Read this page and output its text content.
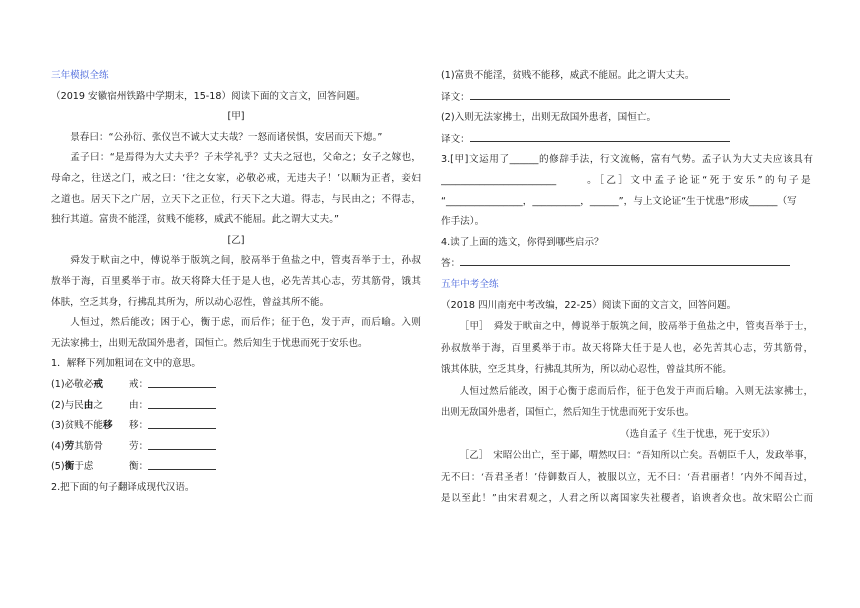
三年模拟全练
（2019 安徽宿州铁路中学期末，15-18）阅读下面的文言文，回答问题。
[甲]
景春曰：“公孙衍、张仪岂不诚大丈夫哉？一怒而诸侯惧，安居而天下熄。”
孟子曰：“是焉得为大丈夫乎？子未学礼乎？丈夫之冠也，父命之；女子之嫁也，
母命之，往送之门，戒之曰：‘往之女家，必敬必戒，无违夫子！’以顺为正者，妾妇
之道也。居天下之广居，立天下之正位，行天下之大道。得志，与民由之；不得志，
独行其道。富贵不能淫，贫贱不能移，威武不能屈。此之谓大丈夫。”
[乙]
舜发于畎亩之中，傅说举于版筑之间，胶鬲举于鱼盐之中，管夷吾举于士，孙叔
敖举于海，百里奚举于市。故天将降大任于是人也，必先苦其心志，劳其筋骨，饿其
体肤，空乏其身，行拂乱其所为，所以动心忍性，曾益其所不能。
人恒过，然后能改；困于心，衡于虑，而后作；征于色，发于声，而后喻。入则
无法家拂士，出则无敌国外患者，国恒亡。然后知生于忧患而死于安乐也。
1．解释下列加粗词在文中的意思。
(1)必敬必戒	戒：
(2)与民由之	由：
(3)贫贱不能移	移：
(4)劳其筋骨	劳：
(5)衡于虑	衡：
2.把下面的句子翻译成现代汉语。
(1)富贵不能淫，贫贱不能移，威武不能屈。此之谓大丈夫。
译文：
(2)入则无法家拂士，出则无敌国外患者，国恒亡。
译文：
3.[甲]文运用了______的修辞手法，行文流畅，富有气势。孟子认为大丈夫应该具有
________________________	。［乙］文中孟子论证“死于安乐”的句子是
“________________，__________，______”，与上文论证“生于忧患”形成______（写
作手法）。
4.读了上面的选文，你得到哪些启示？
答：
五年中考全练
（2018 四川南充中考改编，22-25）阅读下面的文言文，回答问题。
［甲］　舜发于畎亩之中，傅说举于版筑之间，胶鬲举于鱼盐之中，管夷吾举于士，
孙叔敖举于海，百里奚举于市。故天将降大任于是人也，必先苦其心志，劳其筋骨，
饿其体肤，空乏其身，行拂乱其所为，所以动心忍性，曾益其所不能。
人恒过然后能改，困于心衡于虑而后作，征于色发于声而后喻。入则无法家拂士，
出则无敌国外患者，国恒亡，然后知生于忧患而死于安乐也。
（选自孟子《生于忧患，死于安乐》）
［乙］　宋昭公出亡，至于鄙，喟然叹曰：“吾知所以亡矣。吾朝臣千人，发政举事，
无不曰：‘吾君圣者！’侍御数百人，被服以立，无不曰：‘吾君丽者！’内外不闻吾过，
是以至此！”由宋君观之，人君之所以离国家失社稷者，谄谀者众也。故宋昭公亡而
